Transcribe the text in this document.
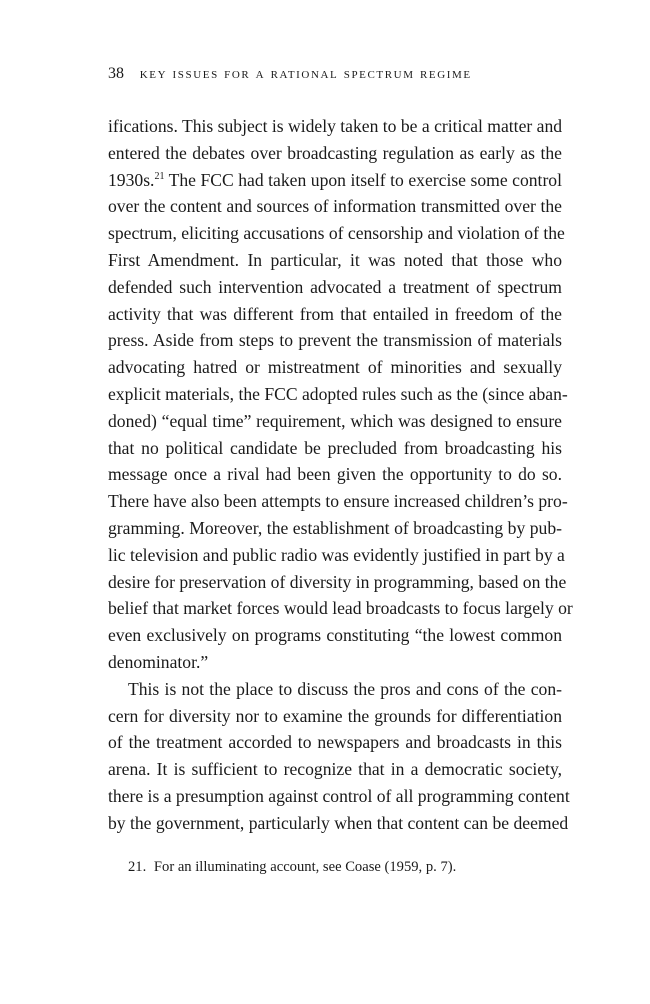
38 key issues for a rational spectrum regime

ifications. This subject is widely taken to be a critical matter and
entered the debates over broadcasting regulation as early as the
1930s.$^{21}$ The FCC had taken upon itself to exercise some control
over the content and sources of information transmitted over the
spectrum, eliciting accusations of censorship and violation of the
First Amendment. In particular, it was noted that those who
defended such intervention advocated a treatment of spectrum
activity that was different from that entailed in freedom of the
press. Aside from steps to prevent the transmission of materials
advocating hatred or mistreatment of minorities and sexually
explicit materials, the FCC adopted rules such as the (since aban-
doned) “equal time” requirement, which was designed to ensure
that no political candidate be precluded from broadcasting his
message once a rival had been given the opportunity to do so.
There have also been attempts to ensure increased children’s pro-
gramming. Moreover, the establishment of broadcasting by pub-
lic television and public radio was evidently justified in part by a
desire for preservation of diversity in programming, based on the
belief that market forces would lead broadcasts to focus largely or
even exclusively on programs constituting “the lowest common
denominator.”

This is not the place to discuss the pros and cons of the con-
cern for diversity nor to examine the grounds for differentiation
of the treatment accorded to newspapers and broadcasts in this
arena. It is sufficient to recognize that in a democratic society,
there is a presumption against control of all programming content
by the government, particularly when that content can be deemed

21. For an illuminating account, see Coase (1959, p. 7).
